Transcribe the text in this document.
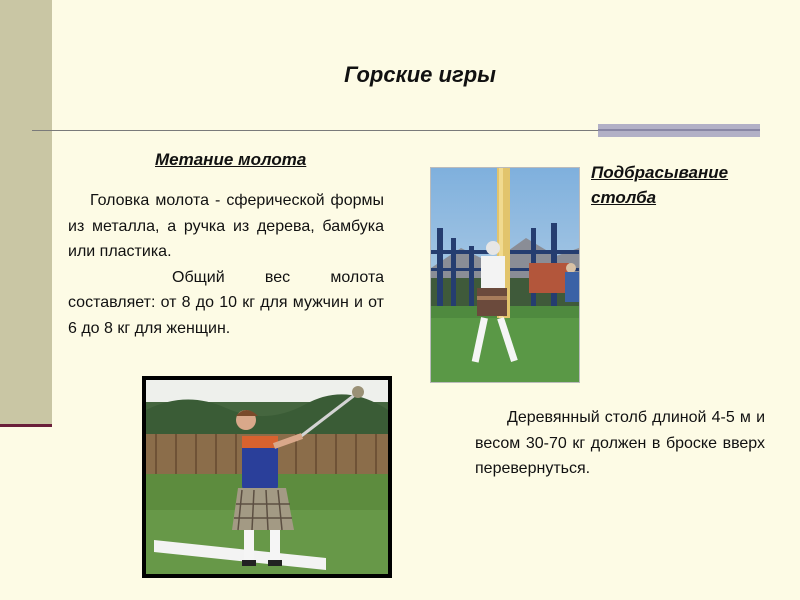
Горские игры
Метание молота

Головка молота - сферической формы из металла, а ручка из дерева, бамбука или пластика.

Общий вес молота составляет: от 8 до 10 кг для мужчин и от 6 до 8 кг для женщин.

Подбрасывание
столба

Деревянный столб длиной 4-5 м и весом 30-70 кг должен в броске вверх перевернуться.
